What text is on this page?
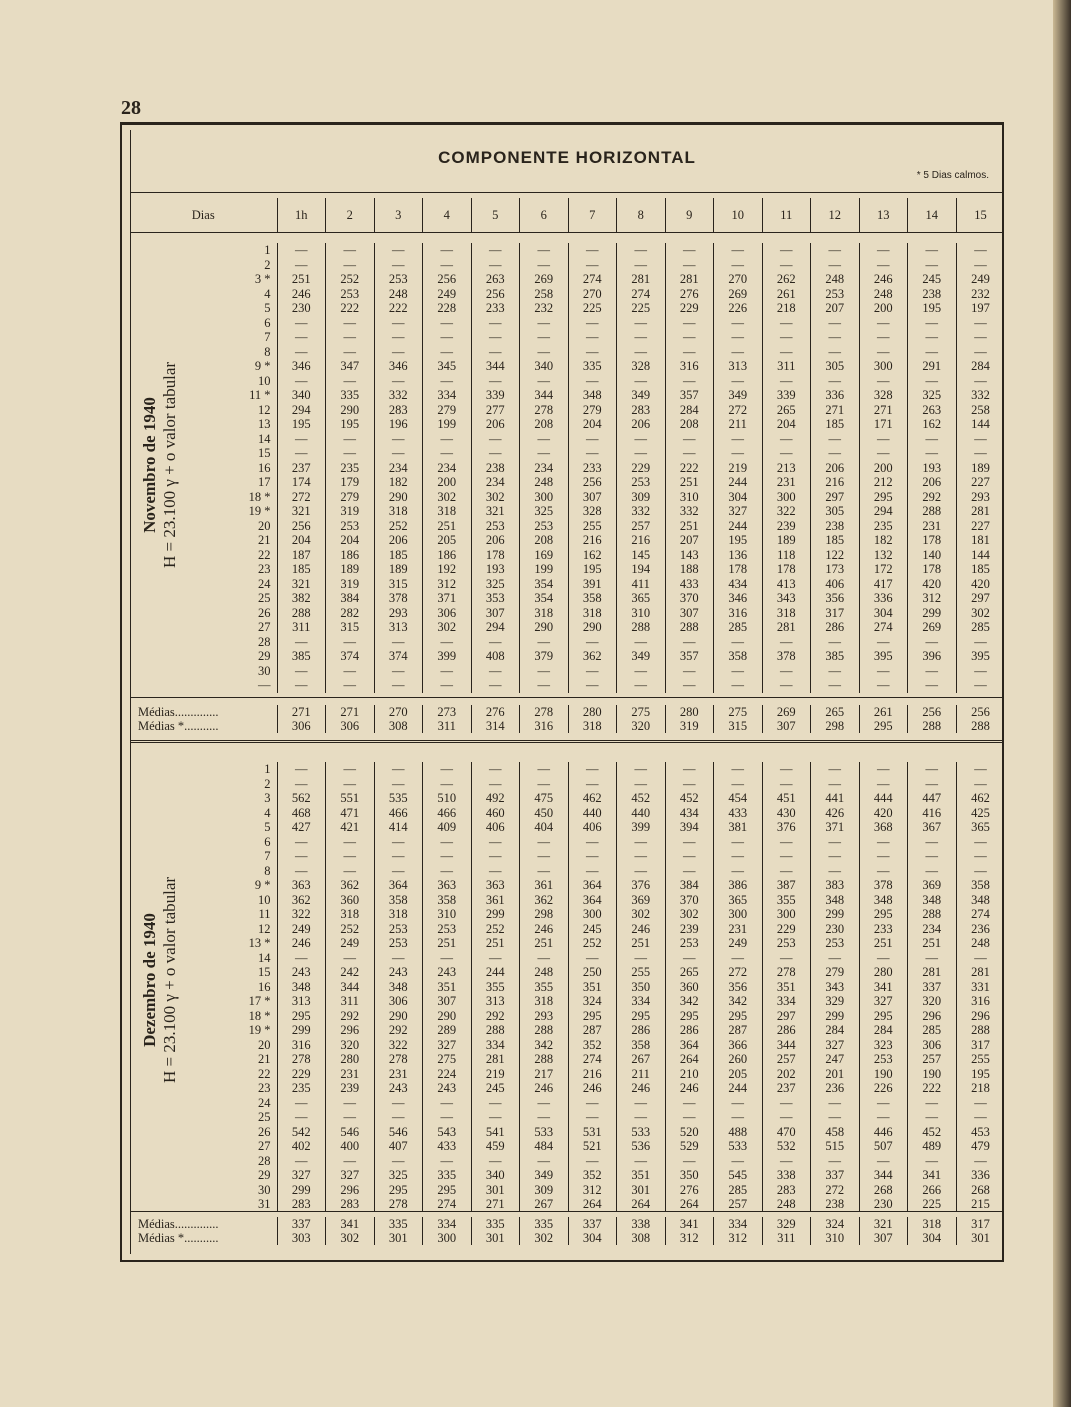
28
COMPONENTE HORIZONTAL
* 5 Dias calmos.
Dias	1h	2	3	4	5	6	7	8	9	10	11	12	13	14	15
1	—	—	—	—	—	—	—	—	—	—	—	—	—	—	—
2	—	—	—	—	—	—	—	—	—	—	—	—	—	—	—
3 *	251	252	253	256	263	269	274	281	281	270	262	248	246	245	249
4	246	253	248	249	256	258	270	274	276	269	261	253	248	238	232
5	230	222	222	228	233	232	225	225	229	226	218	207	200	195	197
6	—	—	—	—	—	—	—	—	—	—	—	—	—	—	—
7	—	—	—	—	—	—	—	—	—	—	—	—	—	—	—
8	—	—	—	—	—	—	—	—	—	—	—	—	—	—	—
9 *	346	347	346	345	344	340	335	328	316	313	311	305	300	291	284
10	—	—	—	—	—	—	—	—	—	—	—	—	—	—	—
11 *	340	335	332	334	339	344	348	349	357	349	339	336	328	325	332
12	294	290	283	279	277	278	279	283	284	272	265	271	271	263	258
13	195	195	196	199	206	208	204	206	208	211	204	185	171	162	144
14	—	—	—	—	—	—	—	—	—	—	—	—	—	—	—
15	—	—	—	—	—	—	—	—	—	—	—	—	—	—	—
16	237	235	234	234	238	234	233	229	222	219	213	206	200	193	189
17	174	179	182	200	234	248	256	253	251	244	231	216	212	206	227
18 *	272	279	290	302	302	300	307	309	310	304	300	297	295	292	293
19 *	321	319	318	318	321	325	328	332	332	327	322	305	294	288	281
20	256	253	252	251	253	253	255	257	251	244	239	238	235	231	227
21	204	204	206	205	206	208	216	216	207	195	189	185	182	178	181
22	187	186	185	186	178	169	162	145	143	136	118	122	132	140	144
23	185	189	189	192	193	199	195	194	188	178	178	173	172	178	185
24	321	319	315	312	325	354	391	411	433	434	413	406	417	420	420
25	382	384	378	371	353	354	358	365	370	346	343	356	336	312	297
26	288	282	293	306	307	318	318	310	307	316	318	317	304	299	302
27	311	315	313	302	294	290	290	288	288	285	281	286	274	269	285
28	—	—	—	—	—	—	—	—	—	—	—	—	—	—	—
29	385	374	374	399	408	379	362	349	357	358	378	385	395	396	395
30	—	—	—	—	—	—	—	—	—	—	—	—	—	—	—
—	—	—	—	—	—	—	—	—	—	—	—	—	—	—	—
Médias..............	271	271	270	273	276	278	280	275	280	275	269	265	261	256	256
Médias *...........	306	306	308	311	314	316	318	320	319	315	307	298	295	288	288
Novembro de 1940 H = 23.100 γ + o valor tabular
1	—	—	—	—	—	—	—	—	—	—	—	—	—	—	—
2	—	—	—	—	—	—	—	—	—	—	—	—	—	—	—
3	562	551	535	510	492	475	462	452	452	454	451	441	444	447	462
4	468	471	466	466	460	450	440	440	434	433	430	426	420	416	425
5	427	421	414	409	406	404	406	399	394	381	376	371	368	367	365
6	—	—	—	—	—	—	—	—	—	—	—	—	—	—	—
7	—	—	—	—	—	—	—	—	—	—	—	—	—	—	—
8	—	—	—	—	—	—	—	—	—	—	—	—	—	—	—
9 *	363	362	364	363	363	361	364	376	384	386	387	383	378	369	358
10	362	360	358	358	361	362	364	369	370	365	355	348	348	348	348
11	322	318	318	310	299	298	300	302	302	300	300	299	295	288	274
12	249	252	253	253	252	246	245	246	239	231	229	230	233	234	236
13 *	246	249	253	251	251	251	252	251	253	249	253	253	251	251	248
14	—	—	—	—	—	—	—	—	—	—	—	—	—	—	—
15	243	242	243	243	244	248	250	255	265	272	278	279	280	281	281
16	348	344	348	351	355	355	351	350	360	356	351	343	341	337	331
17 *	313	311	306	307	313	318	324	334	342	342	334	329	327	320	316
18 *	295	292	290	290	292	293	295	295	295	295	297	299	295	296	296
19 *	299	296	292	289	288	288	287	286	286	287	286	284	284	285	288
20	316	320	322	327	334	342	352	358	364	366	344	327	323	306	317
21	278	280	278	275	281	288	274	267	264	260	257	247	253	257	255
22	229	231	231	224	219	217	216	211	210	205	202	201	190	190	195
23	235	239	243	243	245	246	246	246	246	244	237	236	226	222	218
24	—	—	—	—	—	—	—	—	—	—	—	—	—	—	—
25	—	—	—	—	—	—	—	—	—	—	—	—	—	—	—
26	542	546	546	543	541	533	531	533	520	488	470	458	446	452	453
27	402	400	407	433	459	484	521	536	529	533	532	515	507	489	479
28	—	—	—	—	—	—	—	—	—	—	—	—	—	—	—
29	327	327	325	335	340	349	352	351	350	545	338	337	344	341	336
30	299	296	295	295	301	309	312	301	276	285	283	272	268	266	268
31	283	283	278	274	271	267	264	264	264	257	248	238	230	225	215
Médias..............	337	341	335	334	335	335	337	338	341	334	329	324	321	318	317
Médias *...........	303	302	301	300	301	302	304	308	312	312	311	310	307	304	301
Dezembro de 1940 H = 23.100 γ + o valor tabular
